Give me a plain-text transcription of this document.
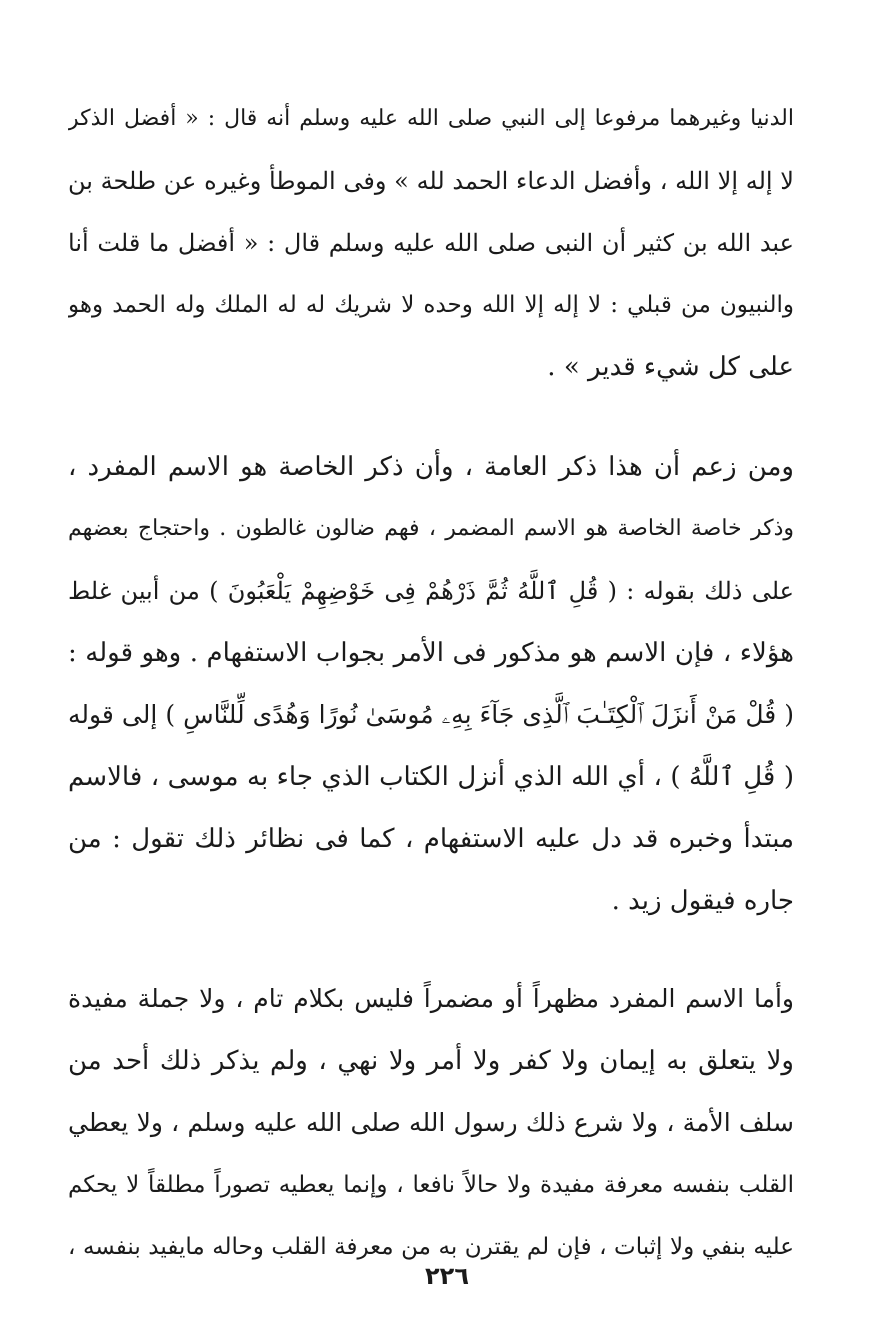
الدنيا وغيرهما مرفوعا إلى النبي صلى الله عليه وسلم أنه قال : « أفضل الذكر
لا إله إلا الله ، وأفضل الدعاء الحمد لله » وفى الموطأ وغيره عن طلحة بن
عبد الله بن كثير أن النبى صلى الله عليه وسلم قال : « أفضل ما قلت أنا
والنبيون من قبلي : لا إله إلا الله وحده لا شريك له له الملك وله الحمد وهو
على كل شيء قدير » .
ومن زعم أن هذا ذكر العامة ، وأن ذكر الخاصة هو الاسم المفرد ،
وذكر خاصة الخاصة هو الاسم المضمر ، فهم ضالون غالطون . واحتجاج بعضهم
على ذلك بقوله : ( قُلِ ٱللَّهُ ثُمَّ ذَرْهُمْ فِى خَوْضِهِمْ يَلْعَبُونَ ) من أبين غلط
هؤلاء ، فإن الاسم هو مذكور فى الأمر بجواب الاستفهام . وهو قوله :
( قُلْ مَنْ أَنزَلَ ٱلْكِتَـٰبَ ٱلَّذِى جَآءَ بِهِۦ مُوسَىٰ نُورًا وَهُدًى لِّلنَّاسِ ) إلى قوله
( قُلِ ٱللَّهُ ) ، أي الله الذي أنزل الكتاب الذي جاء به موسى ، فالاسم
مبتدأ وخبره قد دل عليه الاستفهام ، كما فى نظائر ذلك تقول : من
جاره فيقول زيد .
وأما الاسم المفرد مظهراً أو مضمراً فليس بكلام تام ، ولا جملة مفيدة
ولا يتعلق به إيمان ولا كفر ولا أمر ولا نهي ، ولم يذكر ذلك أحد من
سلف الأمة ، ولا شرع ذلك رسول الله صلى الله عليه وسلم ، ولا يعطي
القلب بنفسه معرفة مفيدة ولا حالاً نافعا ، وإنما يعطيه تصوراً مطلقاً لا يحكم
عليه بنفي ولا إثبات ، فإن لم يقترن به من معرفة القلب وحاله مايفيد بنفسه ،
٢٢٦
